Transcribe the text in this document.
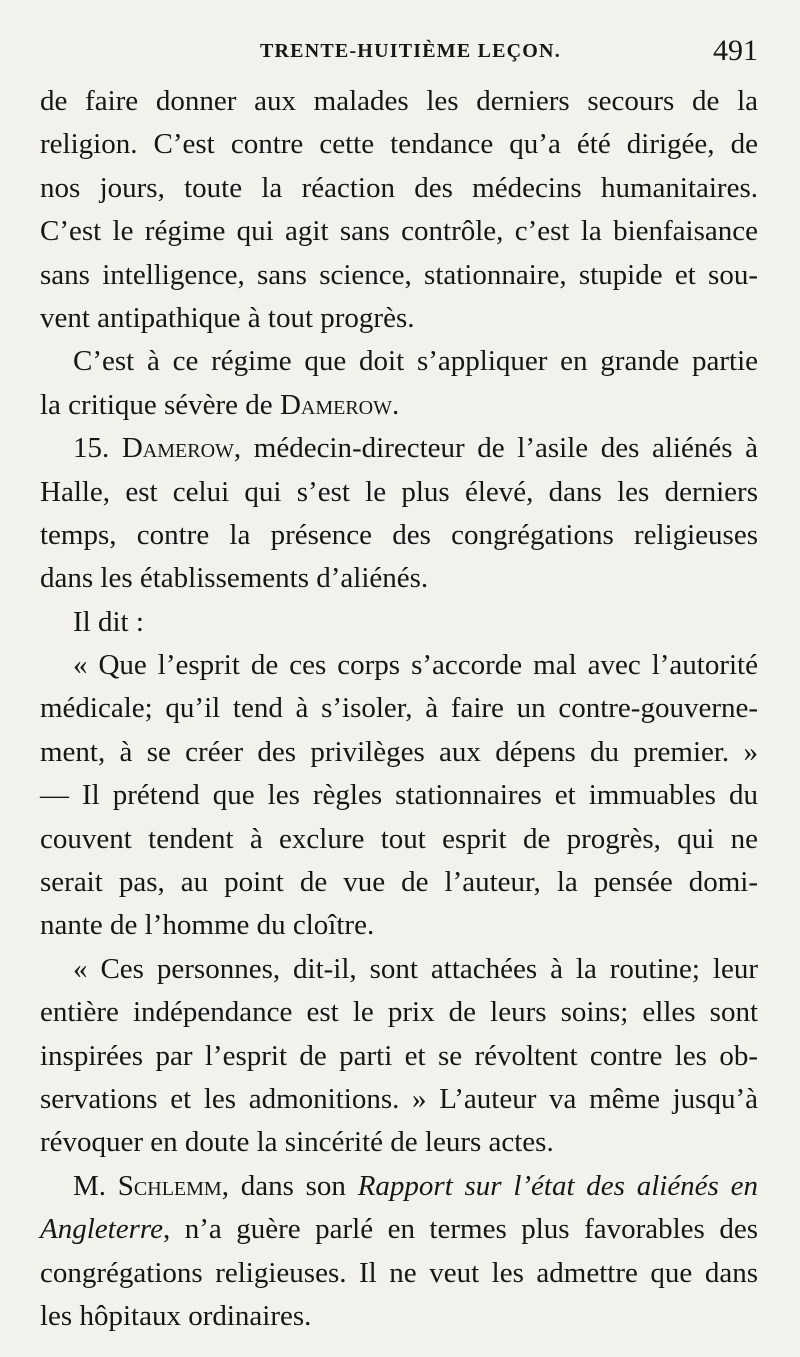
TRENTE-HUITIÈME LEÇON.	491
de faire donner aux malades les derniers secours de la
religion. C’est contre cette tendance qu’a été dirigée, de
nos jours, toute la réaction des médecins humanitaires.
C’est le régime qui agit sans contrôle, c’est la bienfaisance
sans intelligence, sans science, stationnaire, stupide et sou-
vent antipathique à tout progrès.
C’est à ce régime que doit s’appliquer en grande partie
la critique sévère de Damerow.
15. Damerow, médecin-directeur de l’asile des aliénés à
Halle, est celui qui s’est le plus élevé, dans les derniers
temps, contre la présence des congrégations religieuses
dans les établissements d’aliénés.
Il dit :
« Que l’esprit de ces corps s’accorde mal avec l’autorité
médicale; qu’il tend à s’isoler, à faire un contre-gouverne-
ment, à se créer des privilèges aux dépens du premier. »
— Il prétend que les règles stationnaires et immuables du
couvent tendent à exclure tout esprit de progrès, qui ne
serait pas, au point de vue de l’auteur, la pensée domi-
nante de l’homme du cloître.
« Ces personnes, dit-il, sont attachées à la routine; leur
entière indépendance est le prix de leurs soins; elles sont
inspirées par l’esprit de parti et se révoltent contre les ob-
servations et les admonitions. » L’auteur va même jusqu’à
révoquer en doute la sincérité de leurs actes.
M. Schlemm, dans son Rapport sur l’état des aliénés en
Angleterre, n’a guère parlé en termes plus favorables des
congrégations religieuses. Il ne veut les admettre que dans
les hôpitaux ordinaires.
